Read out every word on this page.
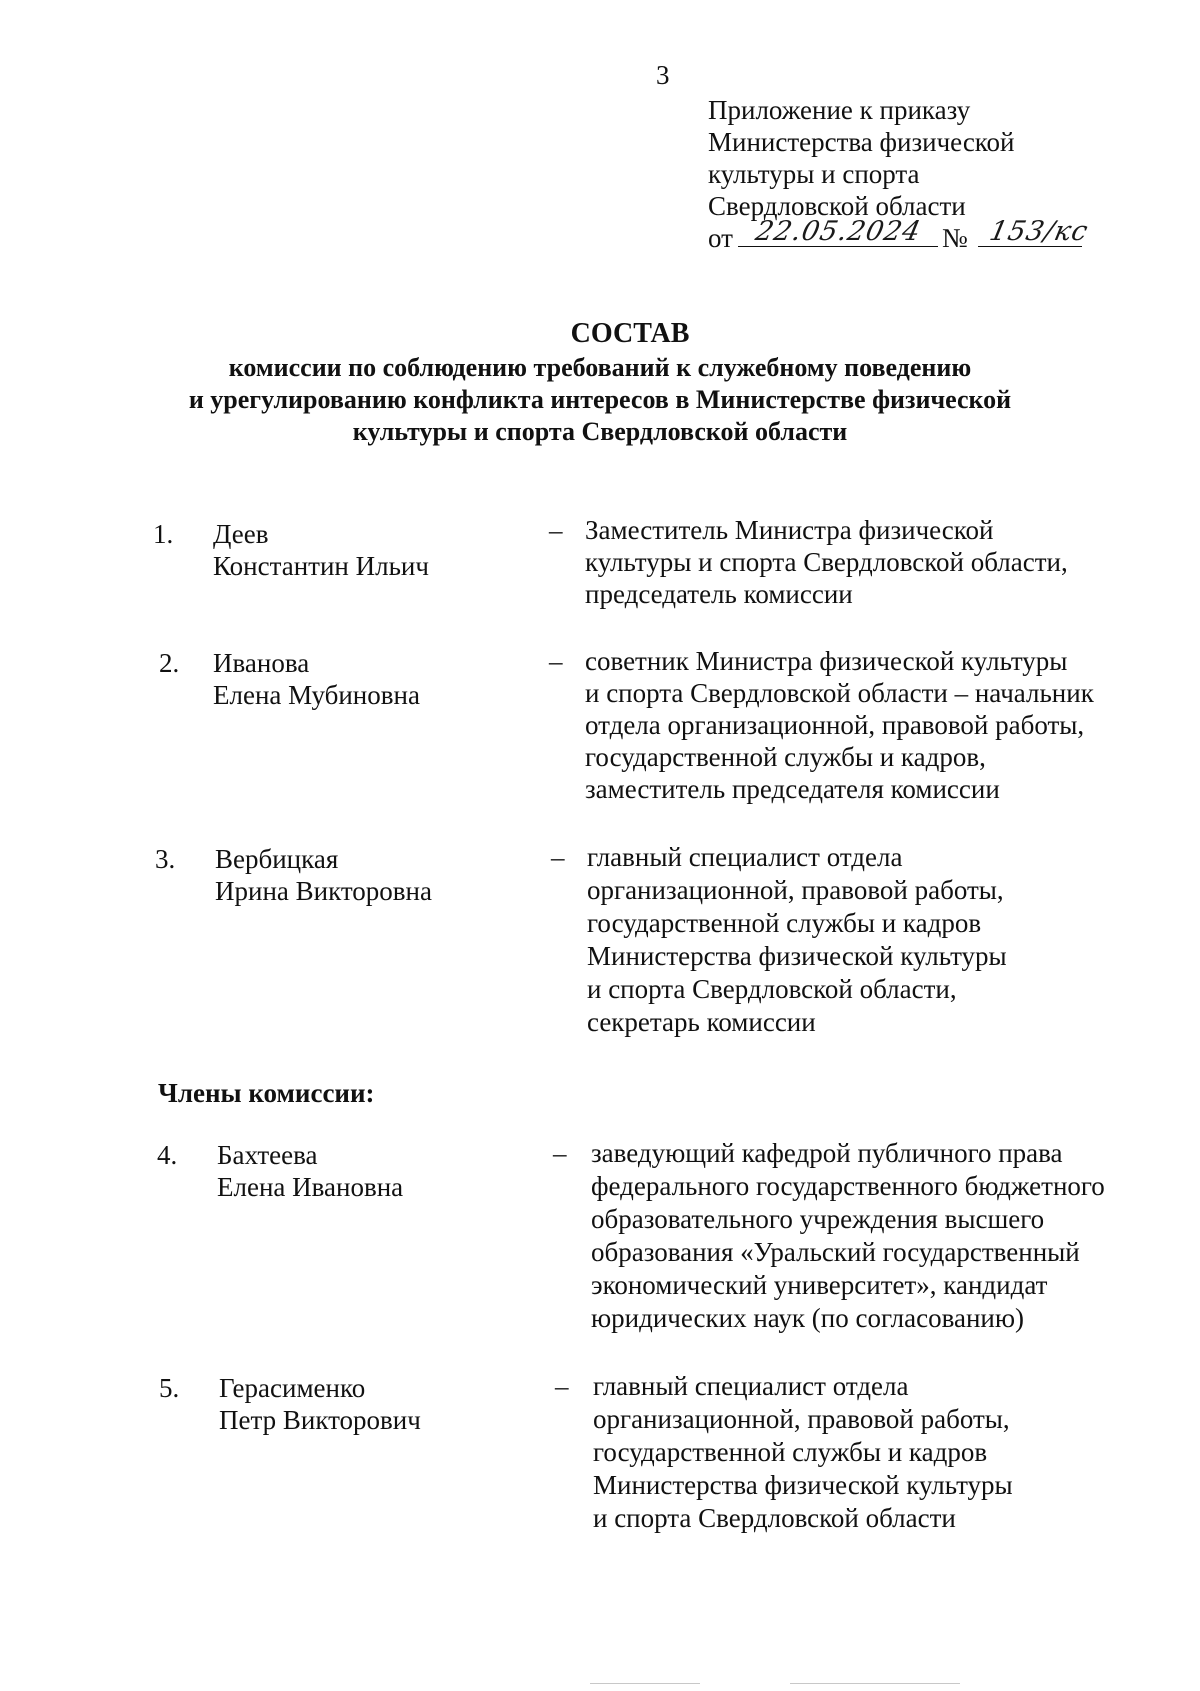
3
Приложение к приказу
Министерства физической
культуры и спорта
Свердловской области
от 22.05.2024 № 153/кс
СОСТАВ
комиссии по соблюдению требований к служебному поведению
и урегулированию конфликта интересов в Министерстве физической
культуры и спорта Свердловской области
1. Деев
Константин Ильич
– Заместитель Министра физической
культуры и спорта Свердловской области,
председатель комиссии
2. Иванова
Елена Мубиновна
– советник Министра физической культуры
и спорта Свердловской области – начальник
отдела организационной, правовой работы,
государственной службы и кадров,
заместитель председателя комиссии
3. Вербицкая
Ирина Викторовна
– главный специалист отдела
организационной, правовой работы,
государственной службы и кадров
Министерства физической культуры
и спорта Свердловской области,
секретарь комиссии
Члены комиссии:
4. Бахтеева
Елена Ивановна
– заведующий кафедрой публичного права
федерального государственного бюджетного
образовательного учреждения высшего
образования «Уральский государственный
экономический университет», кандидат
юридических наук (по согласованию)
5. Герасименко
Петр Викторович
– главный специалист отдела
организационной, правовой работы,
государственной службы и кадров
Министерства физической культуры
и спорта Свердловской области
